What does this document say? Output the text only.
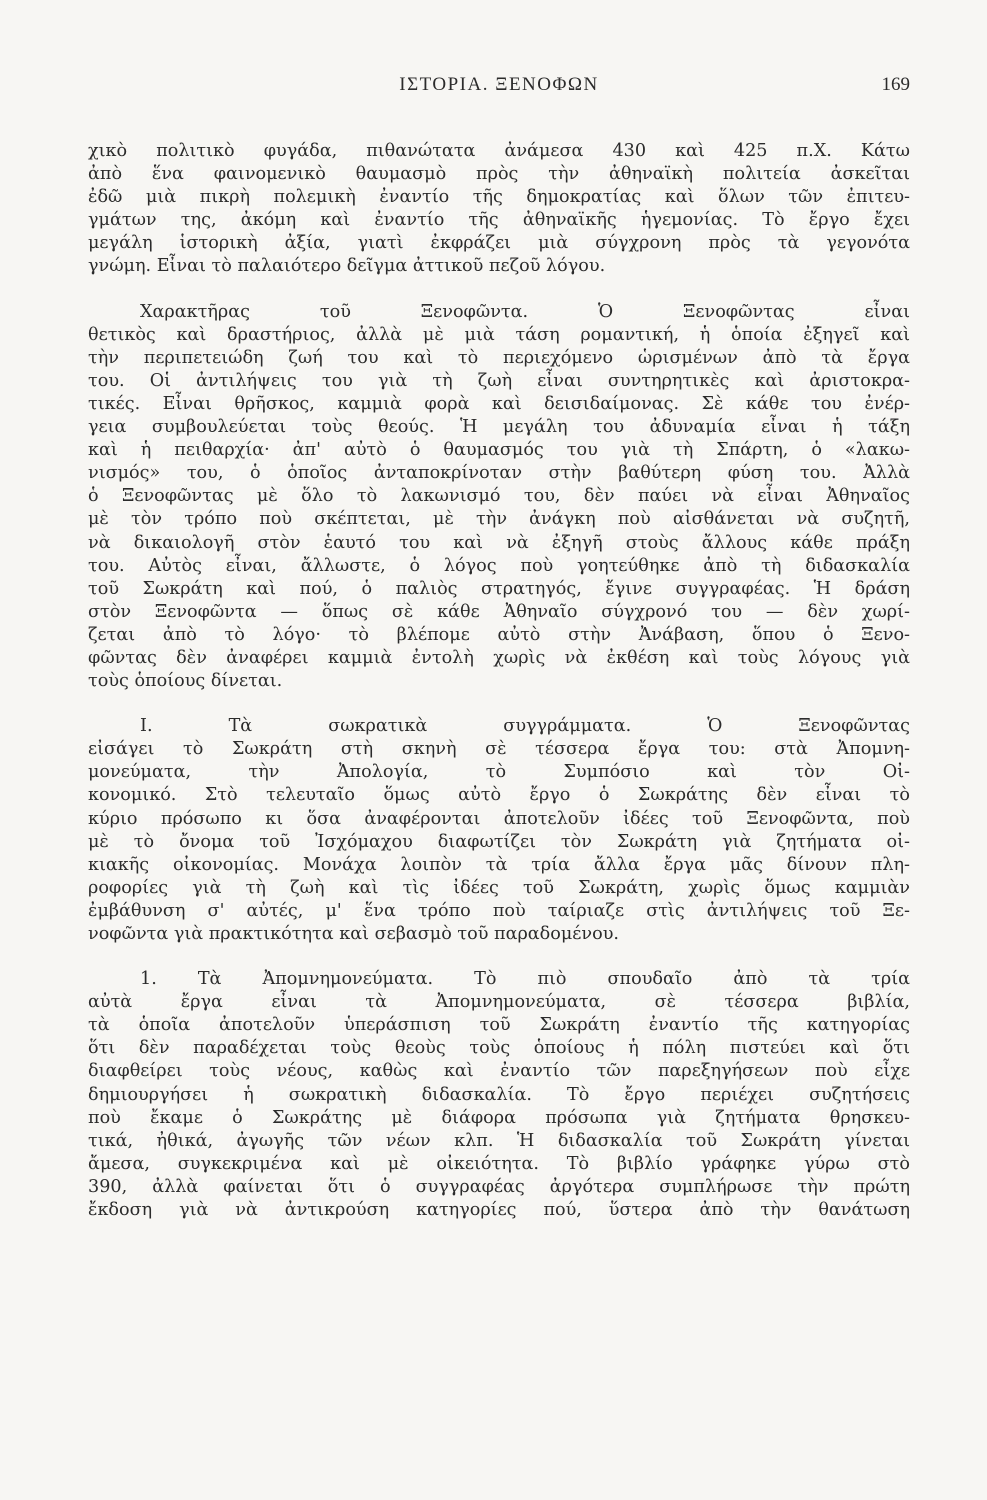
ΙΣΤΟΡΙΑ. ΞΕΝΟΦΩΝ	169
χικὸ πολιτικὸ φυγάδα, πιθανώτατα ἀνάμεσα 430 καὶ 425 π.Χ. Κάτω
ἀπὸ ἕνα φαινομενικὸ θαυμασμὸ πρὸς τὴν ἀθηναϊκὴ πολιτεία ἀσκεῖται
ἐδῶ μιὰ πικρὴ πολεμικὴ ἐναντίο τῆς δημοκρατίας καὶ ὅλων τῶν ἐπιτευ-
γμάτων της, ἀκόμη καὶ ἐναντίο τῆς ἀθηναϊκῆς ἡγεμονίας. Τὸ ἔργο ἔχει
μεγάλη ἱστορικὴ ἀξία, γιατὶ ἐκφράζει μιὰ σύγχρονη πρὸς τὰ γεγονότα
γνώμη. Εἶναι τὸ παλαιότερο δεῖγμα ἀττικοῦ πεζοῦ λόγου.
Χαρακτῆρας τοῦ Ξενοφῶντα. Ὁ Ξενοφῶντας εἶναι
θετικὸς καὶ δραστήριος, ἀλλὰ μὲ μιὰ τάση ρομαντική, ἡ ὁποία ἐξηγεῖ καὶ
τὴν περιπετειώδη ζωή του καὶ τὸ περιεχόμενο ὡρισμένων ἀπὸ τὰ ἔργα
του. Οἱ ἀντιλήψεις του γιὰ τὴ ζωὴ εἶναι συντηρητικὲς καὶ ἀριστοκρα-
τικές. Εἶναι θρῆσκος, καμμιὰ φορὰ καὶ δεισιδαίμονας. Σὲ κάθε του ἐνέρ-
γεια συμβουλεύεται τοὺς θεούς. Ἡ μεγάλη του ἀδυναμία εἶναι ἡ τάξη
καὶ ἡ πειθαρχία· ἀπ' αὐτὸ ὁ θαυμασμός του γιὰ τὴ Σπάρτη, ὁ «λακω-
νισμός» του, ὁ ὁποῖος ἀνταποκρίνοταν στὴν βαθύτερη φύση του. Ἀλλὰ
ὁ Ξενοφῶντας μὲ ὅλο τὸ λακωνισμό του, δὲν παύει νὰ εἶναι Ἀθηναῖος
μὲ τὸν τρόπο ποὺ σκέπτεται, μὲ τὴν ἀνάγκη ποὺ αἰσθάνεται νὰ συζητῆ,
νὰ δικαιολογῆ στὸν ἑαυτό του καὶ νὰ ἐξηγῆ στοὺς ἄλλους κάθε πράξη
του. Αὐτὸς εἶναι, ἄλλωστε, ὁ λόγος ποὺ γοητεύθηκε ἀπὸ τὴ διδασκαλία
τοῦ Σωκράτη καὶ πού, ὁ παλιὸς στρατηγός, ἔγινε συγγραφέας. Ἡ δράση
στὸν Ξενοφῶντα — ὅπως σὲ κάθε Ἀθηναῖο σύγχρονό του — δὲν χωρί-
ζεται ἀπὸ τὸ λόγο· τὸ βλέπομε αὐτὸ στὴν Ἀνάβαση, ὅπου ὁ Ξενο-
φῶντας δὲν ἀναφέρει καμμιὰ ἐντολὴ χωρὶς νὰ ἐκθέση καὶ τοὺς λόγους γιὰ
τοὺς ὁποίους δίνεται.
I. Τὰ σωκρατικὰ συγγράμματα. Ὁ Ξενοφῶντας
εἰσάγει τὸ Σωκράτη στὴ σκηνὴ σὲ τέσσερα ἔργα του: στὰ Ἀπομνη-
μονεύματα, τὴν Ἀπολογία, τὸ Συμπόσιο καὶ τὸν Οἰ-
κονομικό. Στὸ τελευταῖο ὅμως αὐτὸ ἔργο ὁ Σωκράτης δὲν εἶναι τὸ
κύριο πρόσωπο κι ὅσα ἀναφέρονται ἀποτελοῦν ἰδέες τοῦ Ξενοφῶντα, ποὺ
μὲ τὸ ὄνομα τοῦ Ἰσχόμαχου διαφωτίζει τὸν Σωκράτη γιὰ ζητήματα οἰ-
κιακῆς οἰκονομίας. Μονάχα λοιπὸν τὰ τρία ἄλλα ἔργα μᾶς δίνουν πλη-
ροφορίες γιὰ τὴ ζωὴ καὶ τὶς ἰδέες τοῦ Σωκράτη, χωρὶς ὅμως καμμιὰν
ἐμβάθυνση σ' αὐτές, μ' ἕνα τρόπο ποὺ ταίριαζε στὶς ἀντιλήψεις τοῦ Ξε-
νοφῶντα γιὰ πρακτικότητα καὶ σεβασμὸ τοῦ παραδομένου.
1. Τὰ Ἀπομνημονεύματα. Τὸ πιὸ σπουδαῖο ἀπὸ τὰ τρία
αὐτὰ ἔργα εἶναι τὰ Ἀπομνημονεύματα, σὲ τέσσερα βιβλία,
τὰ ὁποῖα ἀποτελοῦν ὑπεράσπιση τοῦ Σωκράτη ἐναντίο τῆς κατηγορίας
ὅτι δὲν παραδέχεται τοὺς θεοὺς τοὺς ὁποίους ἡ πόλη πιστεύει καὶ ὅτι
διαφθείρει τοὺς νέους, καθὼς καὶ ἐναντίο τῶν παρεξηγήσεων ποὺ εἶχε
δημιουργήσει ἡ σωκρατικὴ διδασκαλία. Τὸ ἔργο περιέχει συζητήσεις
ποὺ ἔκαμε ὁ Σωκράτης μὲ διάφορα πρόσωπα γιὰ ζητήματα θρησκευ-
τικά, ἠθικά, ἀγωγῆς τῶν νέων κλπ. Ἡ διδασκαλία τοῦ Σωκράτη γίνεται
ἄμεσα, συγκεκριμένα καὶ μὲ οἰκειότητα. Τὸ βιβλίο γράφηκε γύρω στὸ
390, ἀλλὰ φαίνεται ὅτι ὁ συγγραφέας ἀργότερα συμπλήρωσε τὴν πρώτη
ἔκδοση γιὰ νὰ ἀντικρούση κατηγορίες πού, ὕστερα ἀπὸ τὴν θανάτωση
